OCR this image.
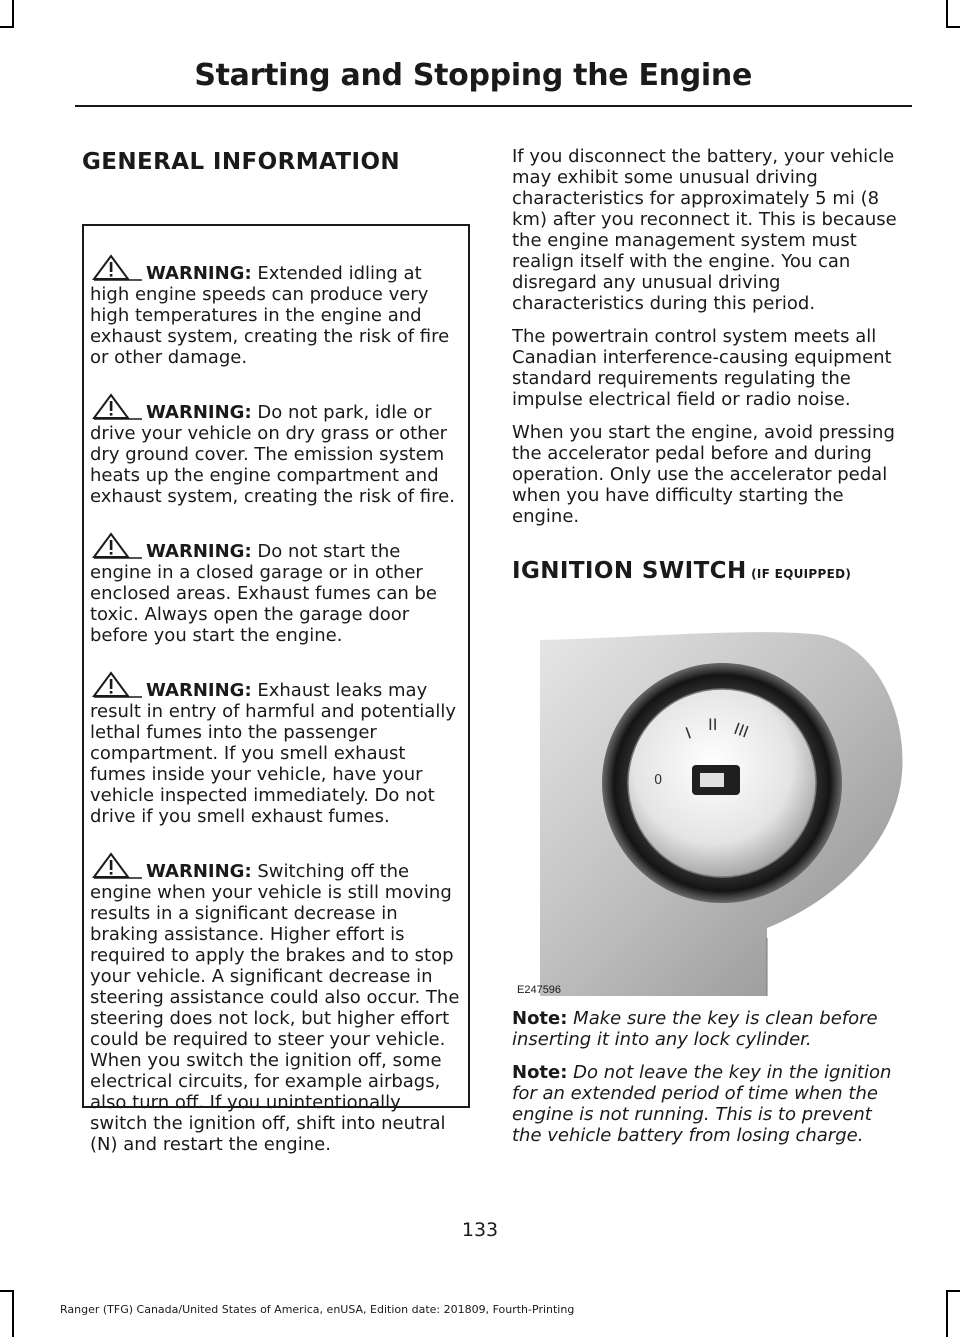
Starting and Stopping the Engine
GENERAL INFORMATION
WARNING: Extended idling at high engine speeds can produce very high temperatures in the engine and exhaust system, creating the risk of fire or other damage.
WARNING: Do not park, idle or drive your vehicle on dry grass or other dry ground cover. The emission system heats up the engine compartment and exhaust system, creating the risk of fire.
WARNING: Do not start the engine in a closed garage or in other enclosed areas. Exhaust fumes can be toxic. Always open the garage door before you start the engine.
WARNING: Exhaust leaks may result in entry of harmful and potentially lethal fumes into the passenger compartment. If you smell exhaust fumes inside your vehicle, have your vehicle inspected immediately. Do not drive if you smell exhaust fumes.
WARNING: Switching off the engine when your vehicle is still moving results in a significant decrease in braking assistance. Higher effort is required to apply the brakes and to stop your vehicle. A significant decrease in steering assistance could also occur. The steering does not lock, but higher effort could be required to steer your vehicle. When you switch the ignition off, some electrical circuits, for example airbags, also turn off. If you unintentionally switch the ignition off, shift into neutral (N) and restart the engine.

If you disconnect the battery, your vehicle may exhibit some unusual driving characteristics for approximately 5 mi (8 km) after you reconnect it. This is because the engine management system must realign itself with the engine. You can disregard any unusual driving characteristics during this period.

The powertrain control system meets all Canadian interference-causing equipment standard requirements regulating the impulse electrical field or radio noise.

When you start the engine, avoid pressing the accelerator pedal before and during operation. Only use the accelerator pedal when you have difficulty starting the engine.

IGNITION SWITCH (IF EQUIPPED)
0
I II III
E247596

Note: Make sure the key is clean before inserting it into any lock cylinder.

Note: Do not leave the key in the ignition for an extended period of time when the engine is not running. This is to prevent the vehicle battery from losing charge.

133
Ranger (TFG) Canada/United States of America, enUSA, Edition date: 201809, Fourth-Printing
